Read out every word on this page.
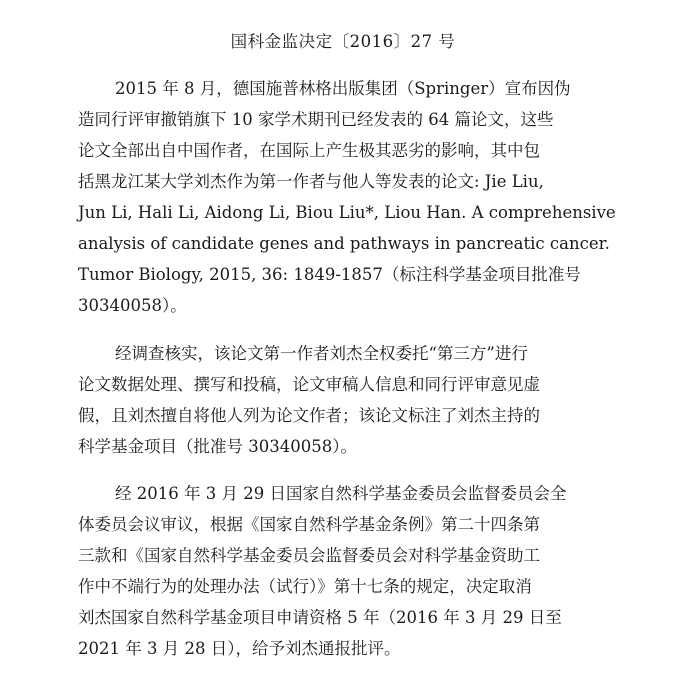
国科金监决定〔2016〕27 号
2015 年 8 月，德国施普林格出版集团（Springer）宣布因伪
造同行评审撤销旗下 10 家学术期刊已经发表的 64 篇论文，这些
论文全部出自中国作者，在国际上产生极其恶劣的影响，其中包
括黑龙江某大学刘杰作为第一作者与他人等发表的论文: Jie Liu,
Jun Li, Hali Li, Aidong Li, Biou Liu*, Liou Han. A comprehensive
analysis of candidate genes and pathways in pancreatic cancer.
Tumor Biology, 2015, 36: 1849-1857（标注科学基金项目批准号
30340058）。
经调查核实，该论文第一作者刘杰全权委托“第三方”进行
论文数据处理、撰写和投稿，论文审稿人信息和同行评审意见虚
假，且刘杰擅自将他人列为论文作者；该论文标注了刘杰主持的
科学基金项目（批准号 30340058）。
经 2016 年 3 月 29 日国家自然科学基金委员会监督委员会全
体委员会议审议，根据《国家自然科学基金条例》第二十四条第
三款和《国家自然科学基金委员会监督委员会对科学基金资助工
作中不端行为的处理办法（试行）》第十七条的规定，决定取消
刘杰国家自然科学基金项目申请资格 5 年（2016 年 3 月 29 日至
2021 年 3 月 28 日），给予刘杰通报批评。
